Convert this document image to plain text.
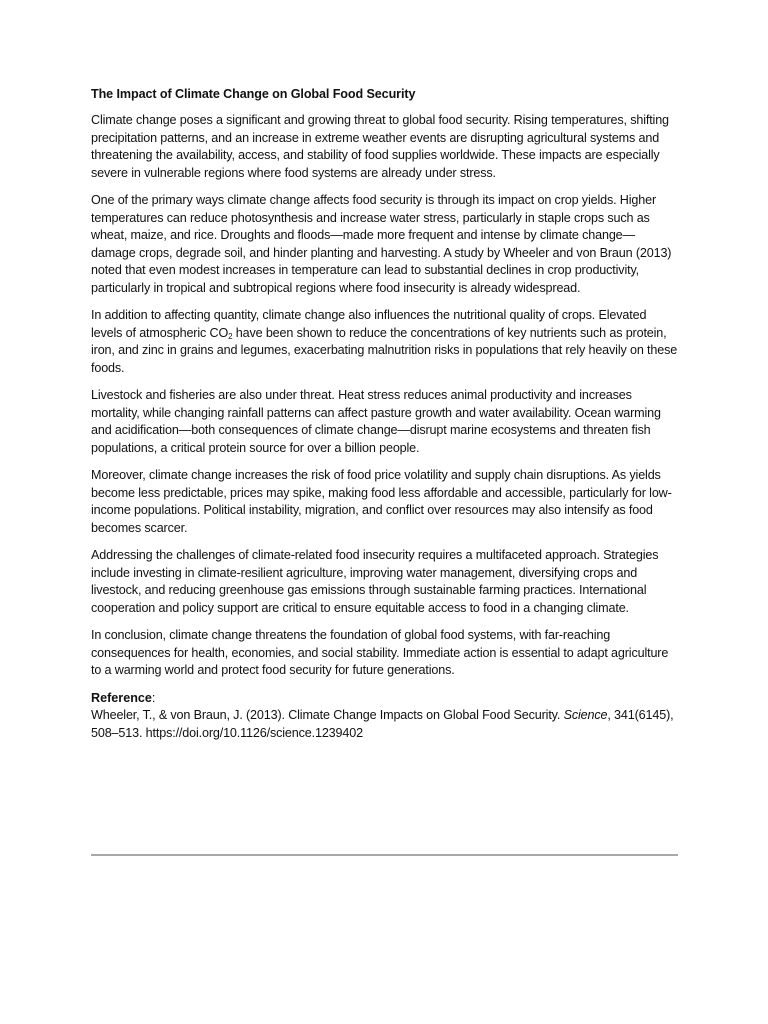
The Impact of Climate Change on Global Food Security

Climate change poses a significant and growing threat to global food security. Rising temperatures, shifting precipitation patterns, and an increase in extreme weather events are disrupting agricultural systems and threatening the availability, access, and stability of food supplies worldwide. These impacts are especially severe in vulnerable regions where food systems are already under stress.

One of the primary ways climate change affects food security is through its impact on crop yields. Higher temperatures can reduce photosynthesis and increase water stress, particularly in staple crops such as wheat, maize, and rice. Droughts and floods—made more frequent and intense by climate change—damage crops, degrade soil, and hinder planting and harvesting. A study by Wheeler and von Braun (2013) noted that even modest increases in temperature can lead to substantial declines in crop productivity, particularly in tropical and subtropical regions where food insecurity is already widespread.

In addition to affecting quantity, climate change also influences the nutritional quality of crops. Elevated levels of atmospheric $CO_2$ have been shown to reduce the concentrations of key nutrients such as protein, iron, and zinc in grains and legumes, exacerbating malnutrition risks in populations that rely heavily on these foods.

Livestock and fisheries are also under threat. Heat stress reduces animal productivity and increases mortality, while changing rainfall patterns can affect pasture growth and water availability. Ocean warming and acidification—both consequences of climate change—disrupt marine ecosystems and threaten fish populations, a critical protein source for over a billion people.

Moreover, climate change increases the risk of food price volatility and supply chain disruptions. As yields become less predictable, prices may spike, making food less affordable and accessible, particularly for low-income populations. Political instability, migration, and conflict over resources may also intensify as food becomes scarcer.

Addressing the challenges of climate-related food insecurity requires a multifaceted approach. Strategies include investing in climate-resilient agriculture, improving water management, diversifying crops and livestock, and reducing greenhouse gas emissions through sustainable farming practices. International cooperation and policy support are critical to ensure equitable access to food in a changing climate.

In conclusion, climate change threatens the foundation of global food systems, with far-reaching consequences for health, economies, and social stability. Immediate action is essential to adapt agriculture to a warming world and protect food security for future generations.

Reference:

Wheeler, T., & von Braun, J. (2013). Climate Change Impacts on Global Food Security. Science, 341(6145), 508–513. https://doi.org/10.1126/science.1239402
